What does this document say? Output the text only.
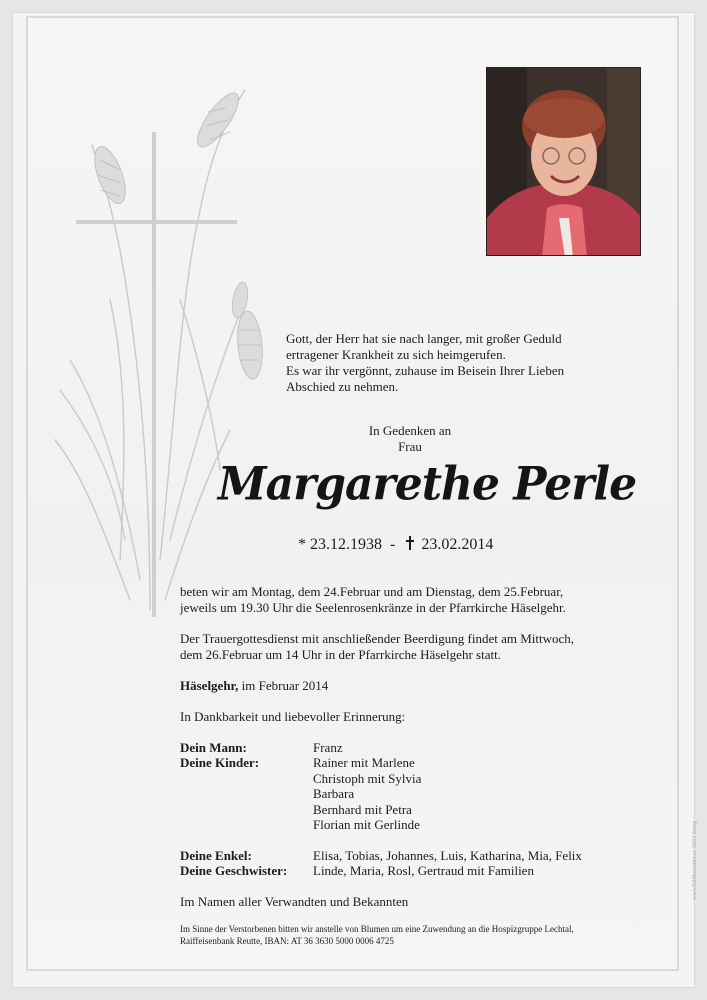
Gott, der Herr hat sie nach langer, mit großer Geduld
ertragener Krankheit zu sich heimgerufen.
Es war ihr vergönnt, zuhause im Beisein Ihrer Lieben
Abschied zu nehmen.

In Gedenken an
Frau

Margarethe Perle
* 23.12.1938 - 23.02.2014

beten wir am Montag, dem 24.Februar und am Dienstag, dem 25.Februar,
jeweils um 19.30 Uhr die Seelenrosenkränze in der Pfarrkirche Häselgehr.

Der Trauergottesdienst mit anschließender Beerdigung findet am Mittwoch,
dem 26.Februar um 14 Uhr in der Pfarrkirche Häselgehr statt.

Häselgehr, im Februar 2014

In Dankbarkeit und liebevoller Erinnerung:

Dein Mann:	Franz
Deine Kinder:	Rainer mit Marlene
Christoph mit Sylvia
Barbara
Bernhard mit Petra
Florian mit Gerlinde
Deine Enkel:	Elisa, Tobias, Johannes, Luis, Katharina, Mia, Felix
Deine Geschwister: Linde, Maria, Rosl, Gertraud mit Familien

Im Namen aller Verwandten und Bekannten

Im Sinne der Verstorbenen bitten wir anstelle von Blumen um eine Zuwendung an die Hospizgruppe Lechtal,
Raiffeisenbank Reutte, IBAN: AT 36 3630 5000 0006 4725
www.bildbestatter.at, 6653 Steeg
